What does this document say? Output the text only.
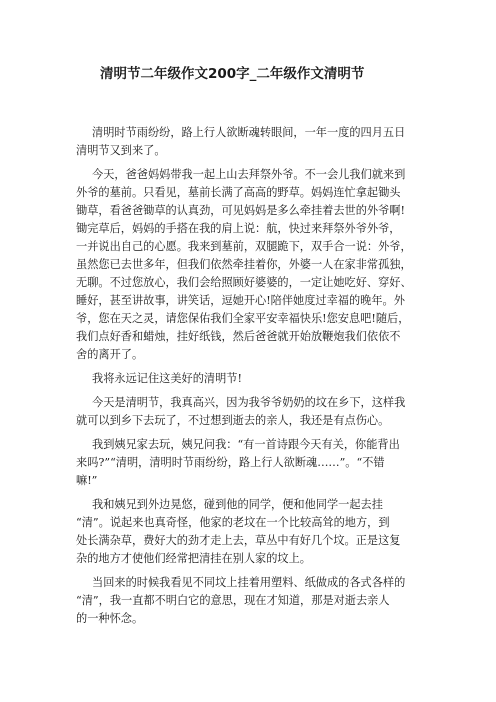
清明节二年级作文200字_二年级作文清明节
清明时节雨纷纷，路上行人欲断魂转眼间，一年一度的四月五日
清明节又到来了。
今天，爸爸妈妈带我一起上山去拜祭外爷。不一会儿我们就来到
外爷的墓前。只看见，墓前长满了高高的野草。妈妈连忙拿起锄头
锄草，看爸爸锄草的认真劲，可见妈妈是多么牵挂着去世的外爷啊!
锄完草后，妈妈的手搭在我的肩上说：航，快过来拜祭外爷外爷，
一并说出自己的心愿。我来到墓前，双腿跪下，双手合一说：外爷，
虽然您已去世多年，但我们依然牵挂着你，外婆一人在家非常孤独，
无聊。不过您放心，我们会给照顾好婆婆的，一定让她吃好、穿好、
睡好，甚至讲故事，讲笑话，逗她开心!陪伴她度过幸福的晚年。外
爷，您在天之灵，请您保佑我们全家平安幸福快乐!您安息吧!随后，
我们点好香和蜡烛，挂好纸钱，然后爸爸就开始放鞭炮我们依依不
舍的离开了。
我将永远记住这美好的清明节!
今天是清明节，我真高兴，因为我爷爷奶奶的坟在乡下，这样我
就可以到乡下去玩了，不过想到逝去的亲人，我还是有点伤心。
我到姨兄家去玩，姨兄问我：“有一首诗跟今天有关，你能背出
来吗?”“清明，清明时节雨纷纷，路上行人欲断魂……”。“不错
嘛!”
我和姨兄到外边晃悠，碰到他的同学，便和他同学一起去挂
“清”。说起来也真奇怪，他家的老坟在一个比较高耸的地方，到
处长满杂草，费好大的劲才走上去，草丛中有好几个坟。正是这复
杂的地方才使他们经常把清挂在别人家的坟上。
当回来的时候我看见不同坟上挂着用塑料、纸做成的各式各样的
“清”，我一直都不明白它的意思，现在才知道，那是对逝去亲人
的一种怀念。
